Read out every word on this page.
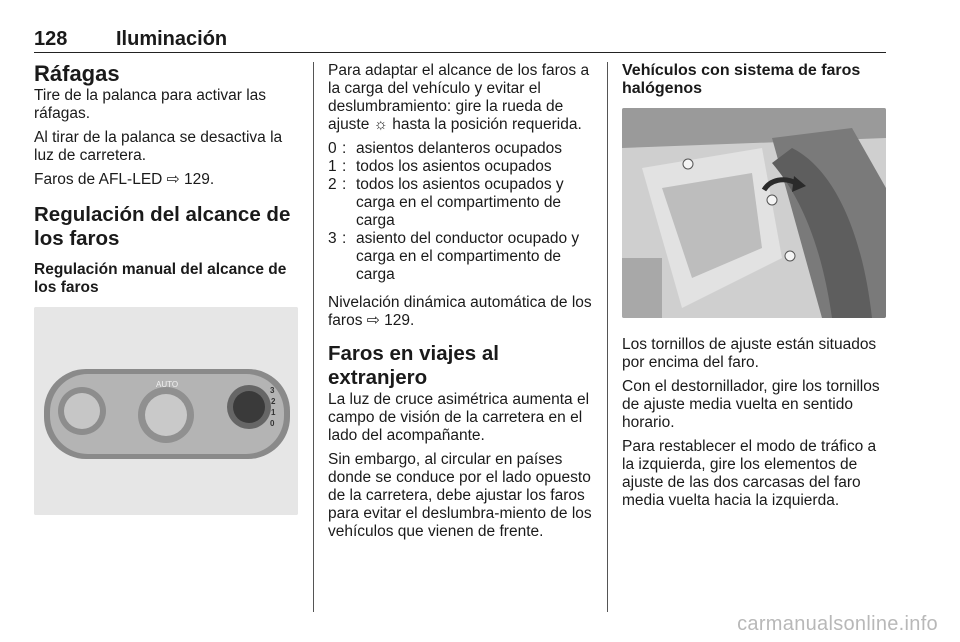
128 Iluminación
Ráfagas

Tire de la palanca para activar las ráfagas.

Al tirar de la palanca se desactiva la luz de carretera.

Faros de AFL-LED ⇨ 129.

Regulación del alcance de los faros
Regulación manual del alcance de los faros
AUTO
3
2
1
0

Para adaptar el alcance de los faros a la carga del vehículo y evitar el deslumbramiento: gire la rueda de ajuste ☼ hasta la posición requerida.

0 : asientos delanteros ocupados
1 : todos los asientos ocupados
2 : todos los asientos ocupados y carga en el compartimento de carga
3 : asiento del conductor ocupado y carga en el compartimento de carga

Nivelación dinámica automática de los faros ⇨ 129.

Faros en viajes al extranjero

La luz de cruce asimétrica aumenta el campo de visión de la carretera en el lado del acompañante.

Sin embargo, al circular en países donde se conduce por el lado opuesto de la carretera, debe ajustar los faros para evitar el deslumbra-miento de los vehículos que vienen de frente.

Vehículos con sistema de faros halógenos

Los tornillos de ajuste están situados por encima del faro.

Con el destornillador, gire los tornillos de ajuste media vuelta en sentido horario.

Para restablecer el modo de tráfico a la izquierda, gire los elementos de ajuste de las dos carcasas del faro media vuelta hacia la izquierda.

carmanualsonline.info
